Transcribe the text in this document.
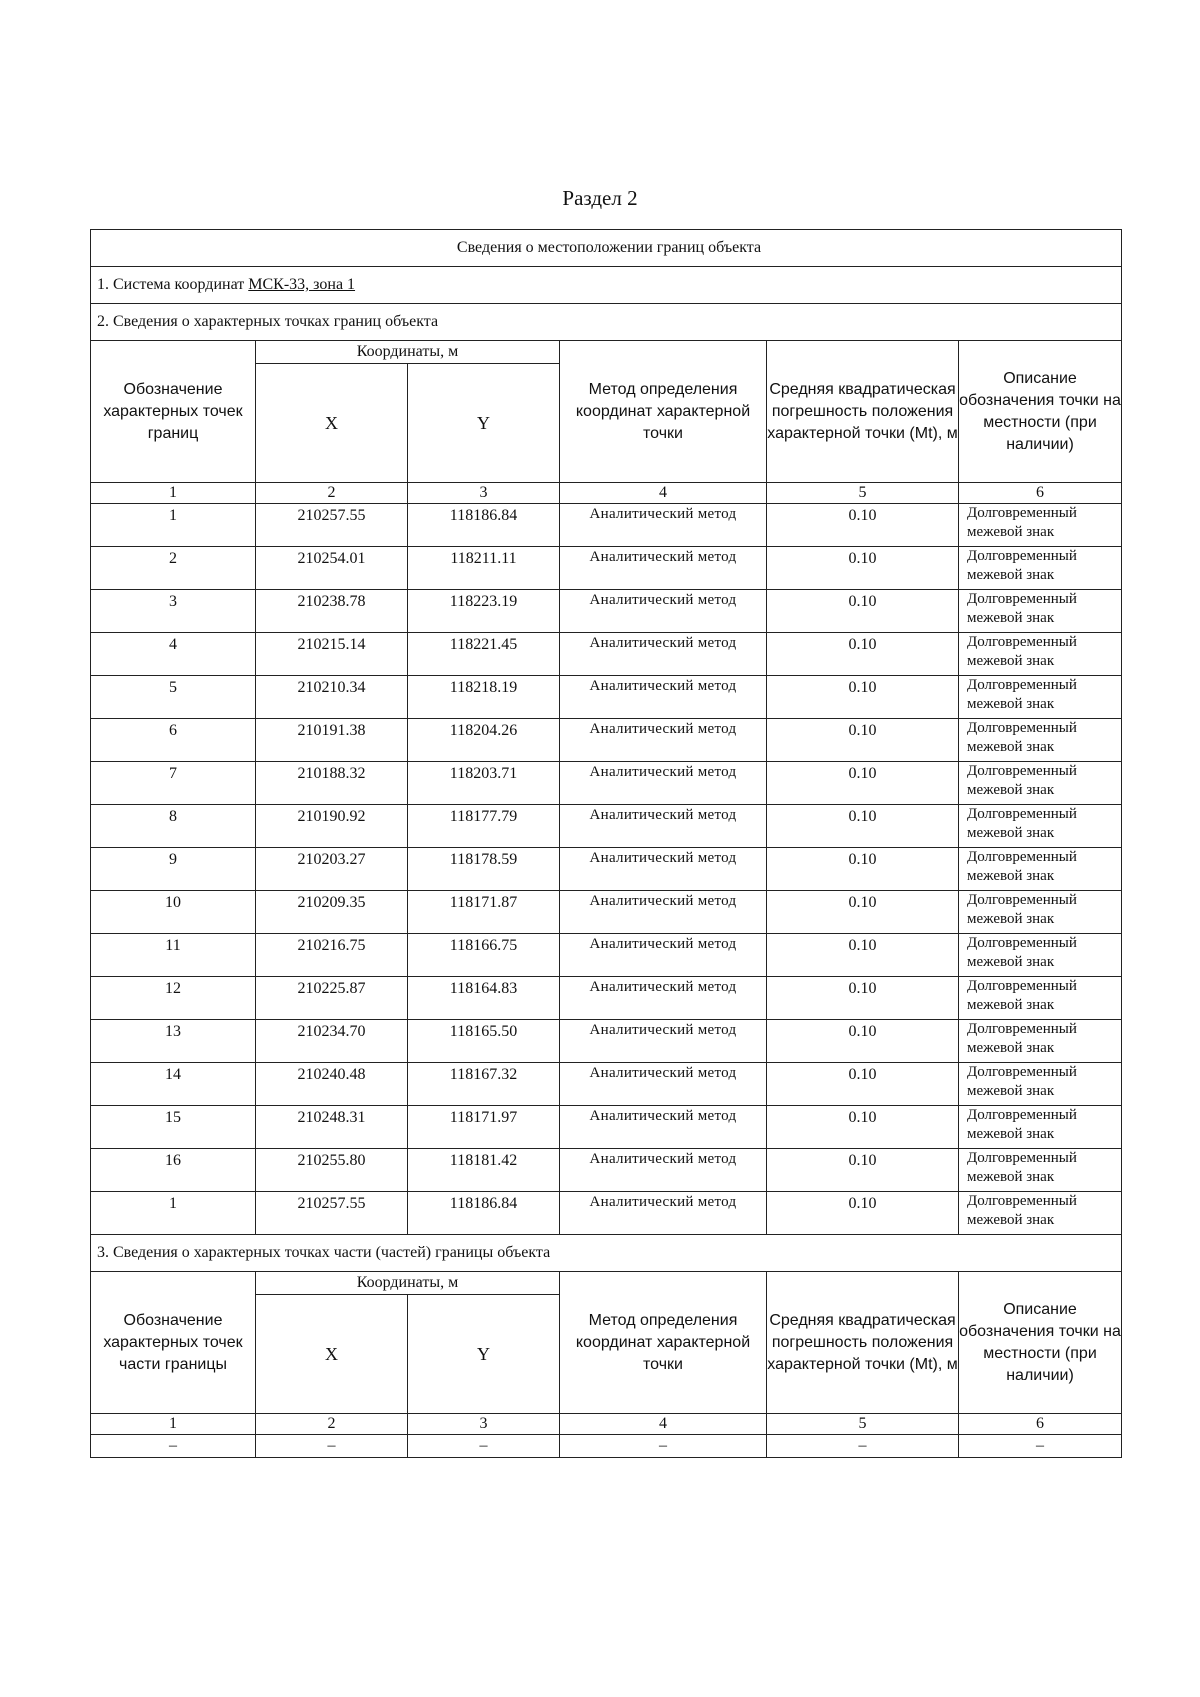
Раздел 2
Сведения о местоположении границ объекта					
1. Система координат МСК-33, зона 1					
2. Сведения о характерных точках границ объекта					
Обозначение характерных точек границ	Координаты, м		Метод определения координат характерной точки	Средняя квадратическая погрешность положения характерной точки (Mt), м	Описание обозначения точки на местности (при наличии)
	X	Y			
1	2	3	4	5	6
1	210257.55	118186.84	Аналитический метод	0.10	Долговременный межевой знак
2	210254.01	118211.11	Аналитический метод	0.10	Долговременный межевой знак
3	210238.78	118223.19	Аналитический метод	0.10	Долговременный межевой знак
4	210215.14	118221.45	Аналитический метод	0.10	Долговременный межевой знак
5	210210.34	118218.19	Аналитический метод	0.10	Долговременный межевой знак
6	210191.38	118204.26	Аналитический метод	0.10	Долговременный межевой знак
7	210188.32	118203.71	Аналитический метод	0.10	Долговременный межевой знак
8	210190.92	118177.79	Аналитический метод	0.10	Долговременный межевой знак
9	210203.27	118178.59	Аналитический метод	0.10	Долговременный межевой знак
10	210209.35	118171.87	Аналитический метод	0.10	Долговременный межевой знак
11	210216.75	118166.75	Аналитический метод	0.10	Долговременный межевой знак
12	210225.87	118164.83	Аналитический метод	0.10	Долговременный межевой знак
13	210234.70	118165.50	Аналитический метод	0.10	Долговременный межевой знак
14	210240.48	118167.32	Аналитический метод	0.10	Долговременный межевой знак
15	210248.31	118171.97	Аналитический метод	0.10	Долговременный межевой знак
16	210255.80	118181.42	Аналитический метод	0.10	Долговременный межевой знак
1	210257.55	118186.84	Аналитический метод	0.10	Долговременный межевой знак
3. Сведения о характерных точках части (частей) границы объекта					
Обозначение характерных точек части границы	Координаты, м		Метод определения координат характерной точки	Средняя квадратическая погрешность положения характерной точки (Mt), м	Описание обозначения точки на местности (при наличии)
	X	Y			
1	2	3	4	5	6
–	–	–	–	–	–
